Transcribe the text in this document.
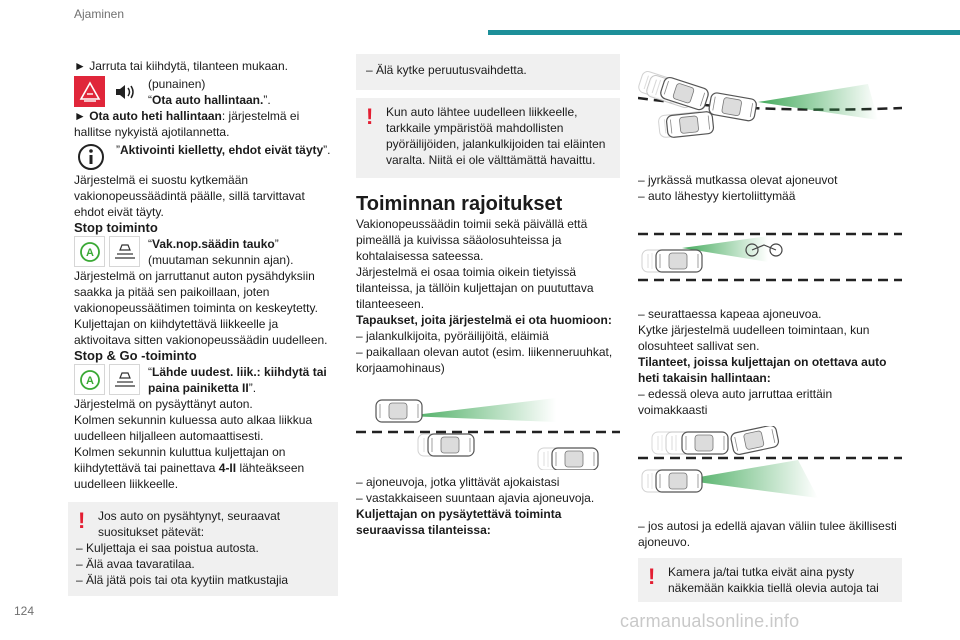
Ajaminen

► Jarruta tai kiihdytä, tilanteen mukaan.

(punainen)

“Ota auto hallintaan.”.

► Ota auto heti hallintaan: järjestelmä ei hallitse nykyistä ajotilannetta.

”Aktivointi kielletty, ehdot eivät täyty”.

Järjestelmä ei suostu kytkemään vakionopeussäädintä päälle, sillä tarvittavat ehdot eivät täyty.

Stop toiminto

A

“Vak.nop.säädin tauko” (muutaman sekunnin ajan).

Järjestelmä on jarruttanut auton pysähdyksiin saakka ja pitää sen paikoillaan, joten vakionopeussäätimen toiminta on keskeytetty. Kuljettajan on kiihdytettävä liikkeelle ja aktivoitava sitten vakionopeussäädin uudelleen.

Stop & Go -toiminto

A

“Lähde uudest. liik.: kiihdytä tai paina painiketta II”.

Järjestelmä on pysäyttänyt auton.

Kolmen sekunnin kuluessa auto alkaa liikkua uudelleen hiljalleen automaattisesti.

Kolmen sekunnin kuluttua kuljettajan on kiihdytettävä tai painettava 4-II lähteäkseen uudelleen liikkeelle.

!	Jos auto on pysähtynyt, seuraavat suositukset pätevät:

– Kuljettaja ei saa poistua autosta.

– Älä avaa tavaratilaa.

– Älä jätä pois tai ota kyytiin matkustajia

– Älä kytke peruutusvaihdetta.

!	Kun auto lähtee uudelleen liikkeelle, tarkkaile ympäristöä mahdollisten pyöräilijöiden, jalankulkijoiden tai eläinten varalta. Niitä ei ole välttämättä havaittu.

Toiminnan rajoitukset

Vakionopeussäädin toimii sekä päivällä että pimeällä ja kuivissa sääolosuhteissa ja kohtalaisessa sateessa.

Järjestelmä ei osaa toimia oikein tietyissä tilanteissa, ja tällöin kuljettajan on puututtava tilanteeseen.

Tapaukset, joita järjestelmä ei ota huomioon:

– jalankulkijoita, pyöräilijöitä, eläimiä

– paikallaan olevan autot (esim. liikenneruuhkat, korjaamohinaus)

– ajoneuvoja, jotka ylittävät ajokaistasi

– vastakkaiseen suuntaan ajavia ajoneuvoja.

Kuljettajan on pysäytettävä toiminta seuraavissa tilanteissa:

– jyrkässä mutkassa olevat ajoneuvot

– auto lähestyy kiertoliittymää

– seurattaessa kapeaa ajoneuvoa.

Kytke järjestelmä uudelleen toimintaan, kun olosuhteet sallivat sen.

Tilanteet, joissa kuljettajan on otettava auto heti takaisin hallintaan:

– edessä oleva auto jarruttaa erittäin voimakkaasti

– jos autosi ja edellä ajavan väliin tulee äkillisesti ajoneuvo.

!	Kamera ja/tai tutka eivät aina pysty näkemään kaikkia tiellä olevia autoja tai

124	carmanualsonline.info
